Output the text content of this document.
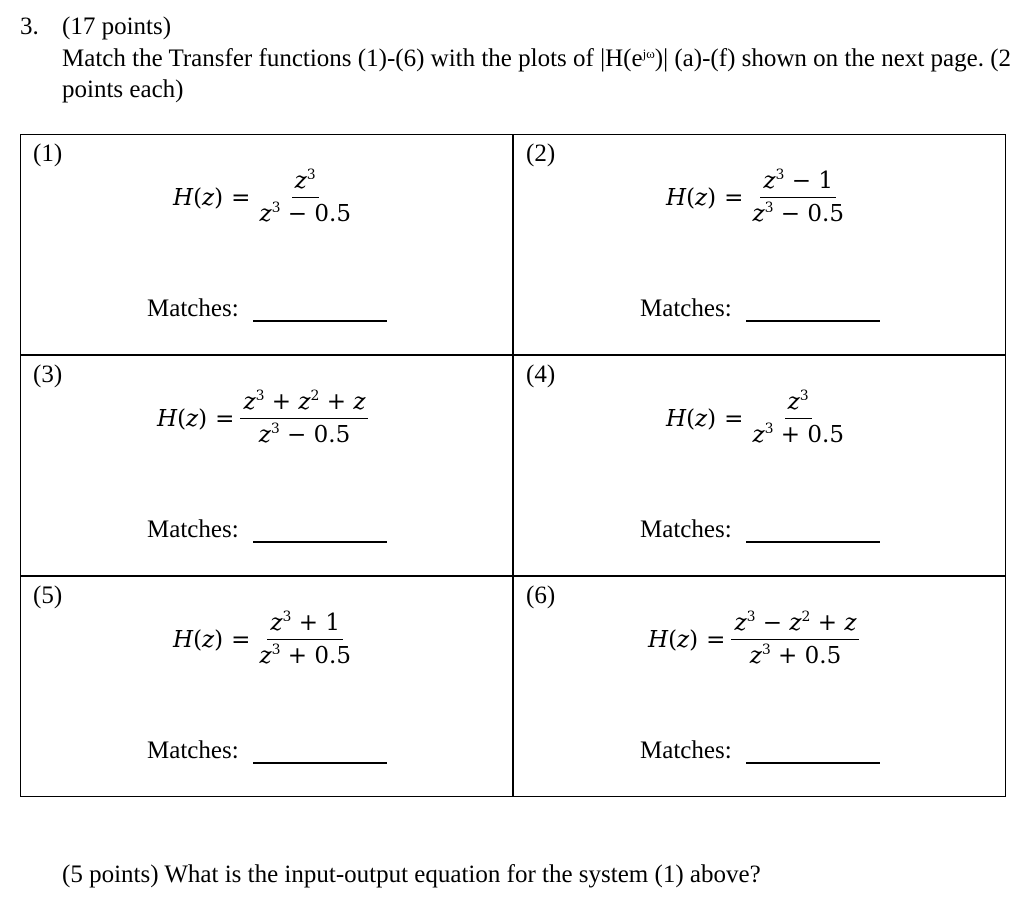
3. (17 points)
Match the Transfer functions (1)-(6) with the plots of $|H(e^{j\omega})|$ (a)-(f) shown on the next page. (2 points each)
(1)
$H(z) = \frac{z^3}{z^3 - 0.5}$
Matches:
(2)
$H(z) = \frac{z^3 - 1}{z^3 - 0.5}$
Matches:
(3)
$H(z) = \frac{z^3 + z^2 + z}{z^3 - 0.5}$
Matches:
(4)
$H(z) = \frac{z^3}{z^3 + 0.5}$
Matches:
(5)
$H(z) = \frac{z^3 + 1}{z^3 + 0.5}$
Matches:
(6)
$H(z) = \frac{z^3 - z^2 + z}{z^3 + 0.5}$
Matches:
(5 points) What is the input-output equation for the system (1) above?
